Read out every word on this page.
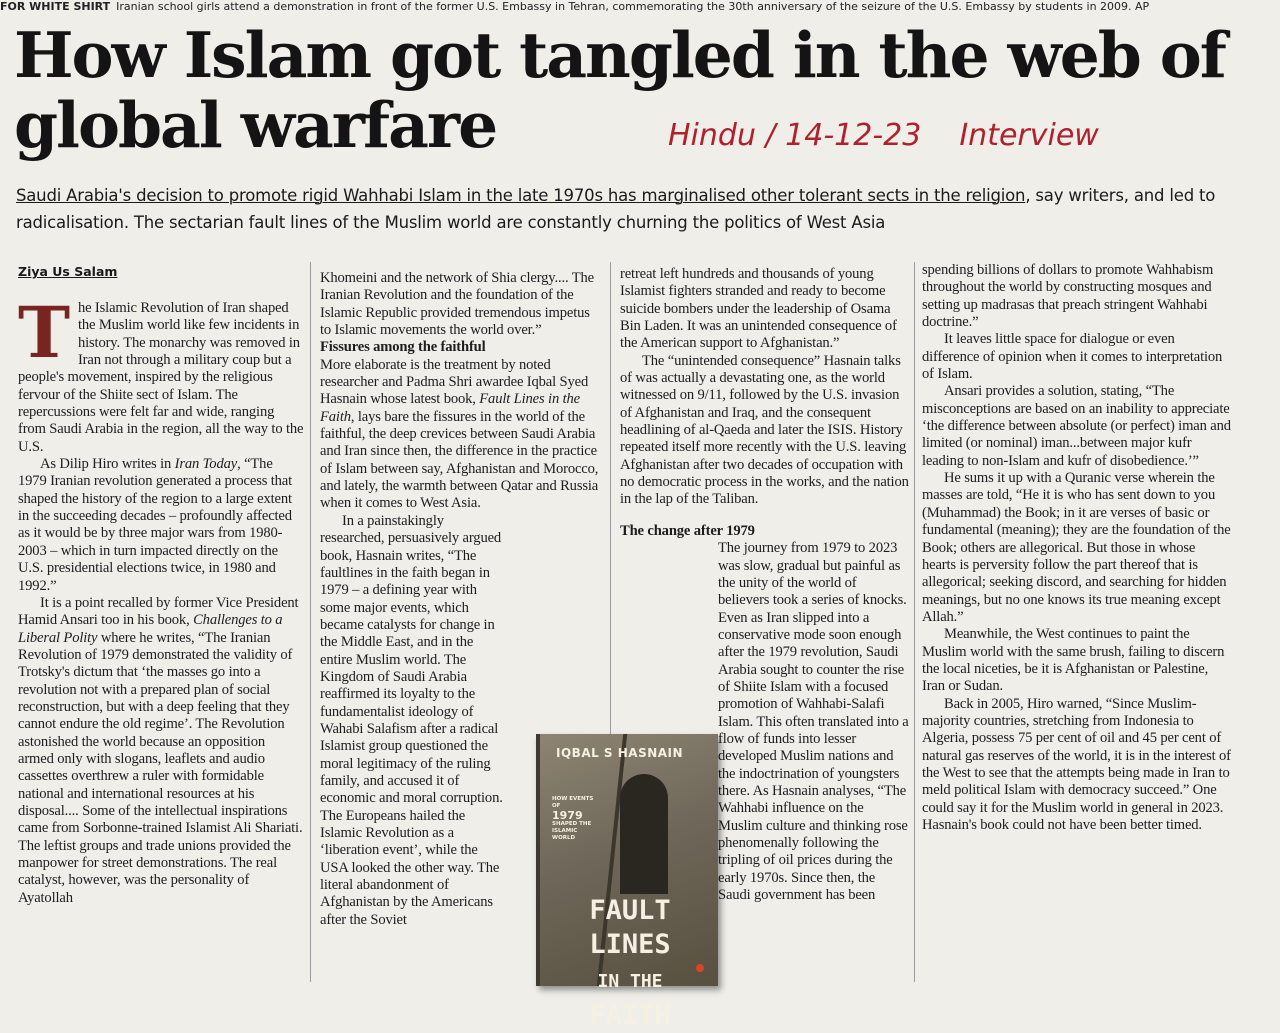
FOR WHITE SHIRT Iranian school girls attend a demonstration in front of the former U.S. Embassy in Tehran, commemorating the 30th anniversary of the seizure of the U.S. Embassy by students in 2009. AP
How Islam got tangled in the web of global warfare	Hindu / 14-12-23 Interview

Saudi Arabia's decision to promote rigid Wahhabi Islam in the late 1970s has marginalised other tolerant sects in the religion, say writers, and led to radicalisation. The sectarian fault lines of the Muslim world are constantly churning the politics of West Asia

Ziya Us Salam
T he Islamic Revolution of Iran shaped the Muslim world like few incidents in history. The monarchy was removed in Iran not through a military coup but a people's movement, inspired by the religious fervour of the Shiite sect of Islam. The repercussions were felt far and wide, ranging from Saudi Arabia in the region, all the way to the U.S.

As Dilip Hiro writes in Iran Today, “The 1979 Iranian revolution generated a process that shaped the history of the region to a large extent in the succeeding decades – profoundly affected as it would be by three major wars from 1980-2003 – which in turn impacted directly on the U.S. presidential elections twice, in 1980 and 1992.”

It is a point recalled by former Vice President Hamid Ansari too in his book, Challenges to a Liberal Polity where he writes, “The Iranian Revolution of 1979 demonstrated the validity of Trotsky's dictum that ‘the masses go into a revolution not with a prepared plan of social reconstruction, but with a deep feeling that they cannot endure the old regime’. The Revolution astonished the world because an opposition armed only with slogans, leaflets and audio cassettes overthrew a ruler with formidable national and international resources at his disposal.... Some of the intellectual inspirations came from Sorbonne-trained Islamist Ali Shariati. The leftist groups and trade unions provided the manpower for street demonstrations. The real catalyst, however, was the personality of Ayatollah

Khomeini and the network of Shia clergy.... The Iranian Revolution and the foundation of the Islamic Republic provided tremendous impetus to Islamic movements the world over.”

Fissures among the faithful

More elaborate is the treatment by noted researcher and Padma Shri awardee Iqbal Syed Hasnain whose latest book, Fault Lines in the Faith, lays bare the fissures in the world of the faithful, the deep crevices between Saudi Arabia and Iran since then, the difference in the practice of Islam between say, Afghanistan and Morocco, and lately, the warmth between Qatar and Russia when it comes to West Asia.

In a painstakingly researched, persuasively argued book, Hasnain writes, “The faultlines in the faith began in 1979 – a defining year with some major events, which became catalysts for change in the Middle East, and in the entire Muslim world. The Kingdom of Saudi Arabia reaffirmed its loyalty to the fundamentalist ideology of Wahabi Salafism after a radical Islamist group questioned the moral legitimacy of the ruling family, and accused it of economic and moral corruption. The Europeans hailed the Islamic Revolution as a ‘liberation event’, while the USA looked the other way. The literal abandonment of Afghanistan by the Americans after the Soviet

retreat left hundreds and thousands of young Islamist fighters stranded and ready to become suicide bombers under the leadership of Osama Bin Laden. It was an unintended consequence of the American support to Afghanistan.”

The “unintended consequence” Hasnain talks of was actually a devastating one, as the world witnessed on 9/11, followed by the U.S. invasion of Afghanistan and Iraq, and the consequent headlining of al-Qaeda and later the ISIS. History repeated itself more recently with the U.S. leaving Afghanistan after two decades of occupation with no democratic process in the works, and the nation in the lap of the Taliban.

The change after 1979

The journey from 1979 to 2023 was slow, gradual but painful as the unity of the world of believers took a series of knocks. Even as Iran slipped into a conservative mode soon enough after the 1979 revolution, Saudi Arabia sought to counter the rise of Shiite Islam with a focused promotion of Wahhabi-Salafi Islam. This often translated into a flow of funds into lesser developed Muslim nations and the indoctrination of youngsters there. As Hasnain analyses, “The Wahhabi influence on the Muslim culture and thinking rose phenomenally following the tripling of oil prices during the early 1970s. Since then, the Saudi government has been

spending billions of dollars to promote Wahhabism throughout the world by constructing mosques and setting up madrasas that preach stringent Wahhabi doctrine.”

It leaves little space for dialogue or even difference of opinion when it comes to interpretation of Islam.

Ansari provides a solution, stating, “The misconceptions are based on an inability to appreciate ‘the difference between absolute (or perfect) iman and limited (or nominal) iman...between major kufr leading to non-Islam and kufr of disobedience.’”

He sums it up with a Quranic verse wherein the masses are told, “He it is who has sent down to you (Muhammad) the Book; in it are verses of basic or fundamental (meaning); they are the foundation of the Book; others are allegorical. But those in whose hearts is perversity follow the part thereof that is allegorical; seeking discord, and searching for hidden meanings, but no one knows its true meaning except Allah.”

Meanwhile, the West continues to paint the Muslim world with the same brush, failing to discern the local niceties, be it is Afghanistan or Palestine, Iran or Sudan.

Back in 2005, Hiro warned, “Since Muslim-majority countries, stretching from Indonesia to Algeria, possess 75 per cent of oil and 45 per cent of natural gas reserves of the world, it is in the interest of the West to see that the attempts being made in Iran to meld political Islam with democracy succeed.” One could say it for the Muslim world in general in 2023. Hasnain's book could not have been better timed.

IQBAL S HASNAIN
HOW EVENTS OF
1979
SHAPED THE ISLAMIC WORLD
FAULT LINES
IN THE FAITH
